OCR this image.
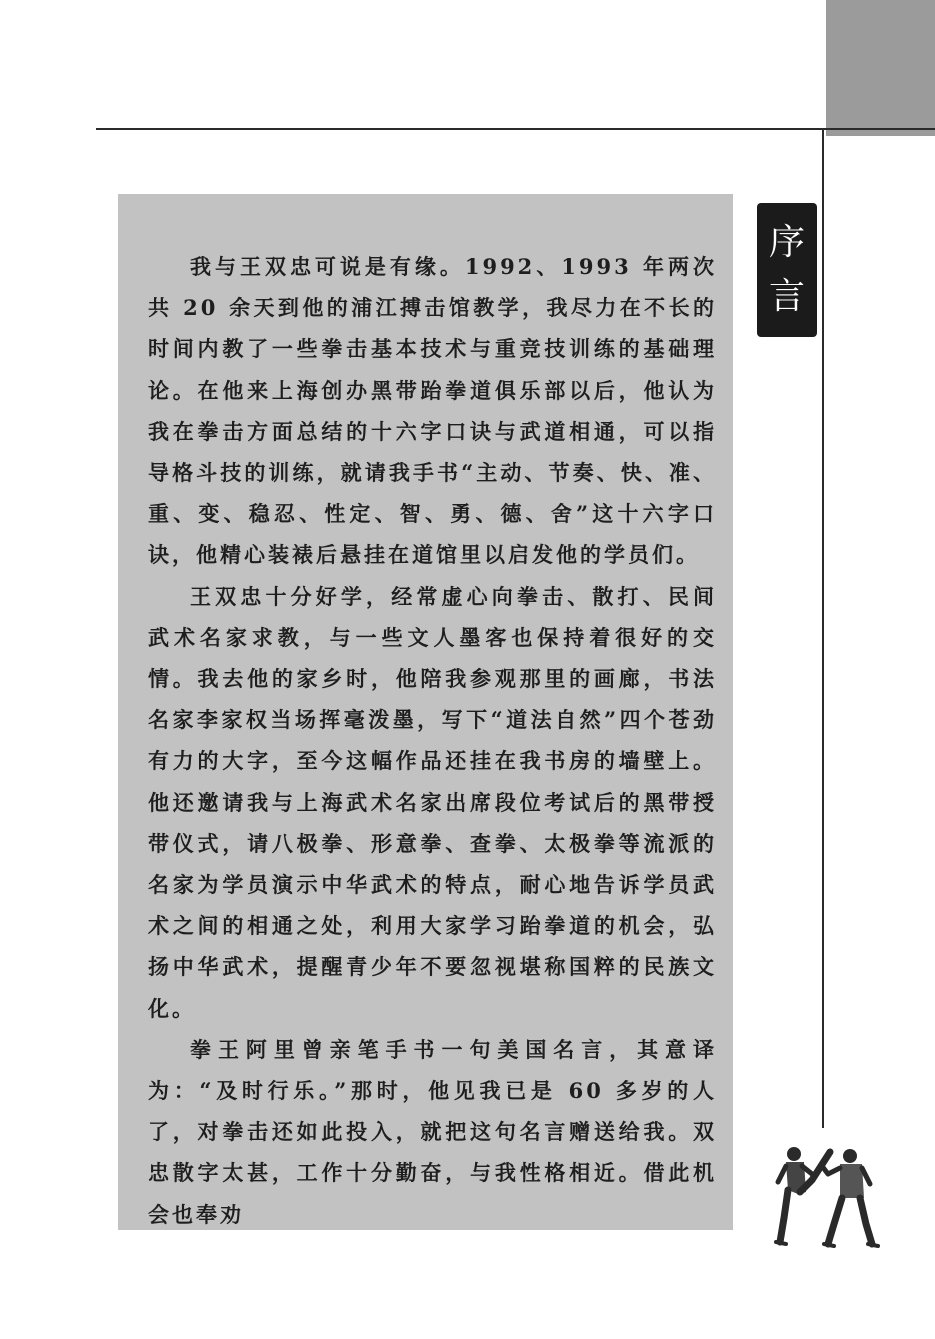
我与王双忠可说是有缘。1992、1993 年两次共 20 余天到他的浦江搏击馆教学，我尽力在不长的时间内教了一些拳击基本技术与重竞技训练的基础理论。在他来上海创办黑带跆拳道俱乐部以后，他认为我在拳击方面总结的十六字口诀与武道相通，可以指导格斗技的训练，就请我手书“主动、节奏、快、准、重、变、稳忍、性定、智、勇、德、舍”这十六字口诀，他精心装裱后悬挂在道馆里以启发他的学员们。

王双忠十分好学，经常虚心向拳击、散打、民间武术名家求教，与一些文人墨客也保持着很好的交情。我去他的家乡时，他陪我参观那里的画廊，书法名家李家权当场挥毫泼墨，写下“道法自然”四个苍劲有力的大字，至今这幅作品还挂在我书房的墙壁上。他还邀请我与上海武术名家出席段位考试后的黑带授带仪式，请八极拳、形意拳、查拳、太极拳等流派的名家为学员演示中华武术的特点，耐心地告诉学员武术之间的相通之处，利用大家学习跆拳道的机会，弘扬中华武术，提醒青少年不要忽视堪称国粹的民族文化。

拳王阿里曾亲笔手书一句美国名言，其意译为：“及时行乐。”那时，他见我已是 60 多岁的人了，对拳击还如此投入，就把这句名言赠送给我。双忠散字太甚，工作十分勤奋，与我性格相近。借此机会也奉劝

序
言
